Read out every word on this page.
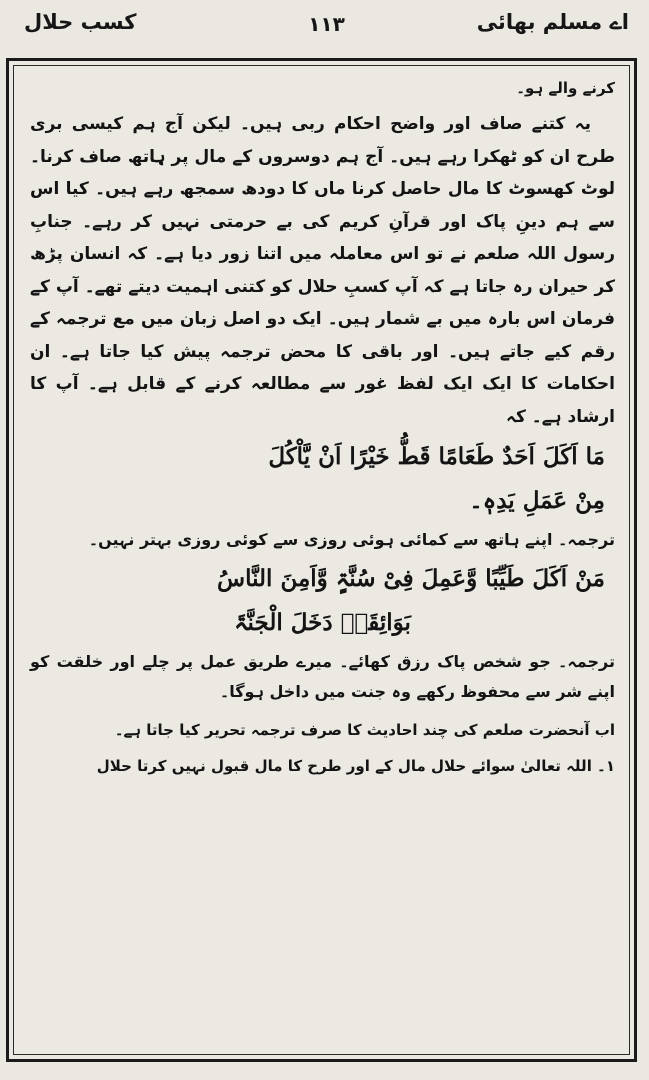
اے مسلم بھائی
۱۱۳
کسب حلال

کرنے والے ہو۔

یہ کتنے صاف اور واضح احکام ربی ہیں۔ لیکن آج ہم کیسی بری طرح ان کو ٹھکرا رہے ہیں۔ آج ہم دوسروں کے مال پر ہاتھ صاف کرنا۔ لوٹ کھسوٹ کا مال حاصل کرنا ماں کا دودھ سمجھ رہے ہیں۔ کیا اس سے ہم دینِ پاک اور قرآنِ کریم کی بے حرمتی نہیں کر رہے۔ جنابِ رسول اللہ صلعم نے تو اس معاملہ میں اتنا زور دیا ہے۔ کہ انسان پڑھ کر حیران رہ جاتا ہے کہ آپ کسبِ حلال کو کتنی اہمیت دیتے تھے۔ آپ کے فرمان اس بارہ میں بے شمار ہیں۔ ایک دو اصل زبان میں مع ترجمہ کے رقم کیے جاتے ہیں۔ اور باقی کا محض ترجمہ پیش کیا جاتا ہے۔ ان احکامات کا ایک ایک لفظ غور سے مطالعہ کرنے کے قابل ہے۔ آپ کا ارشاد ہے۔ کہ

مَا اَکَلَ اَحَدٌ طَعَامًا قَطُّ خَیْرًا اَنْ یَّاْکُلَ
مِنْ عَمَلِ یَدِہٖ۔

ترجمہ۔ اپنے ہاتھ سے کمائی ہوئی روزی سے کوئی روزی بہتر نہیں۔

مَنْ اَکَلَ طَیِّبًا وَّعَمِلَ فِیْ سُنَّۃٍ وَّاَمِنَ النَّاسُ
بَوَائِقَہٗ دَخَلَ الْجَنَّۃَ

ترجمہ۔ جو شخص پاک رزق کھائے۔ میرے طریق عمل پر چلے اور خلقت کو اپنے شر سے محفوظ رکھے وہ جنت میں داخل ہوگا۔

اب آنحضرت صلعم کی چند احادیث کا صرف ترجمہ تحریر کیا جاتا ہے۔

۱۔ اللہ تعالیٰ سوائے حلال مال کے اور طرح کا مال قبول نہیں کرتا حلال
